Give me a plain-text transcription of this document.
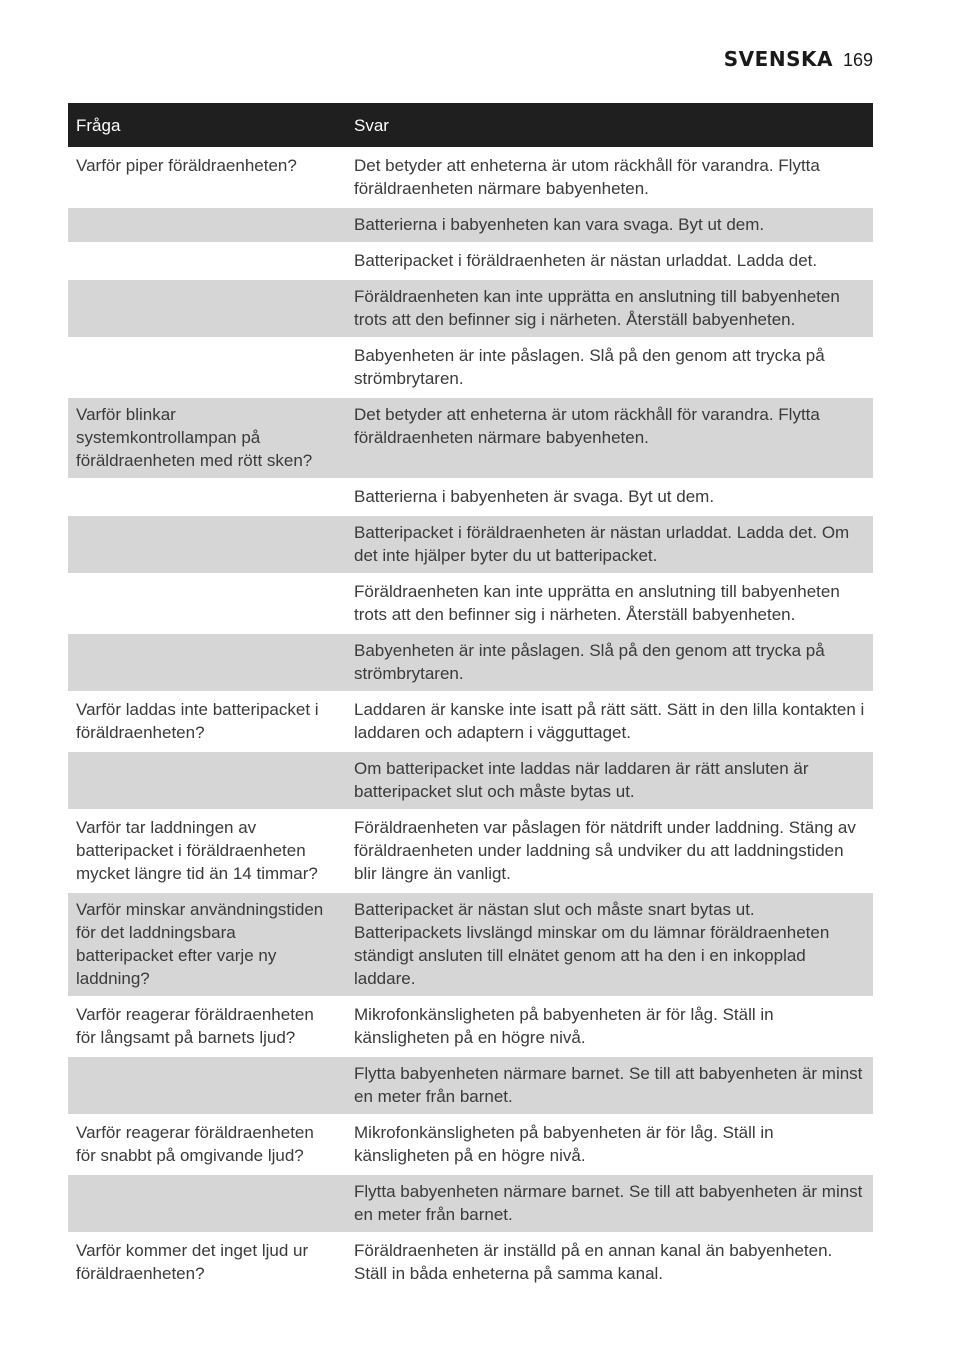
SVENSKA 169
Fråga	Svar
Varför piper föräldraenheten?	Det betyder att enheterna är utom räckhåll för varandra. Flytta föräldraenheten närmare babyenheten.
	Batterierna i babyenheten kan vara svaga. Byt ut dem.
	Batteripacket i föräldraenheten är nästan urladdat. Ladda det.
	Föräldraenheten kan inte upprätta en anslutning till babyenheten trots att den befinner sig i närheten. Återställ babyenheten.
	Babyenheten är inte påslagen. Slå på den genom att trycka på strömbrytaren.
Varför blinkar systemkontrollampan på föräldraenheten med rött sken?	Det betyder att enheterna är utom räckhåll för varandra. Flytta föräldraenheten närmare babyenheten.
	Batterierna i babyenheten är svaga. Byt ut dem.
	Batteripacket i föräldraenheten är nästan urladdat. Ladda det. Om det inte hjälper byter du ut batteripacket.
	Föräldraenheten kan inte upprätta en anslutning till babyenheten trots att den befinner sig i närheten. Återställ babyenheten.
	Babyenheten är inte påslagen. Slå på den genom att trycka på strömbrytaren.
Varför laddas inte batteripacket i föräldraenheten?	Laddaren är kanske inte isatt på rätt sätt. Sätt in den lilla kontakten i laddaren och adaptern i vägguttaget.
	Om batteripacket inte laddas när laddaren är rätt ansluten är batteripacket slut och måste bytas ut.
Varför tar laddningen av batteripacket i föräldraenheten mycket längre tid än 14 timmar?	Föräldraenheten var påslagen för nätdrift under laddning. Stäng av föräldraenheten under laddning så undviker du att laddningstiden blir längre än vanligt.
Varför minskar användningstiden för det laddningsbara batteripacket efter varje ny laddning?	Batteripacket är nästan slut och måste snart bytas ut. Batteripackets livslängd minskar om du lämnar föräldraenheten ständigt ansluten till elnätet genom att ha den i en inkopplad laddare.
Varför reagerar föräldraenheten för långsamt på barnets ljud?	Mikrofonkänsligheten på babyenheten är för låg. Ställ in känsligheten på en högre nivå.
	Flytta babyenheten närmare barnet. Se till att babyenheten är minst en meter från barnet.
Varför reagerar föräldraenheten för snabbt på omgivande ljud?	Mikrofonkänsligheten på babyenheten är för låg. Ställ in känsligheten på en högre nivå.
	Flytta babyenheten närmare barnet. Se till att babyenheten är minst en meter från barnet.
Varför kommer det inget ljud ur föräldraenheten?	Föräldraenheten är inställd på en annan kanal än babyenheten. Ställ in båda enheterna på samma kanal.
